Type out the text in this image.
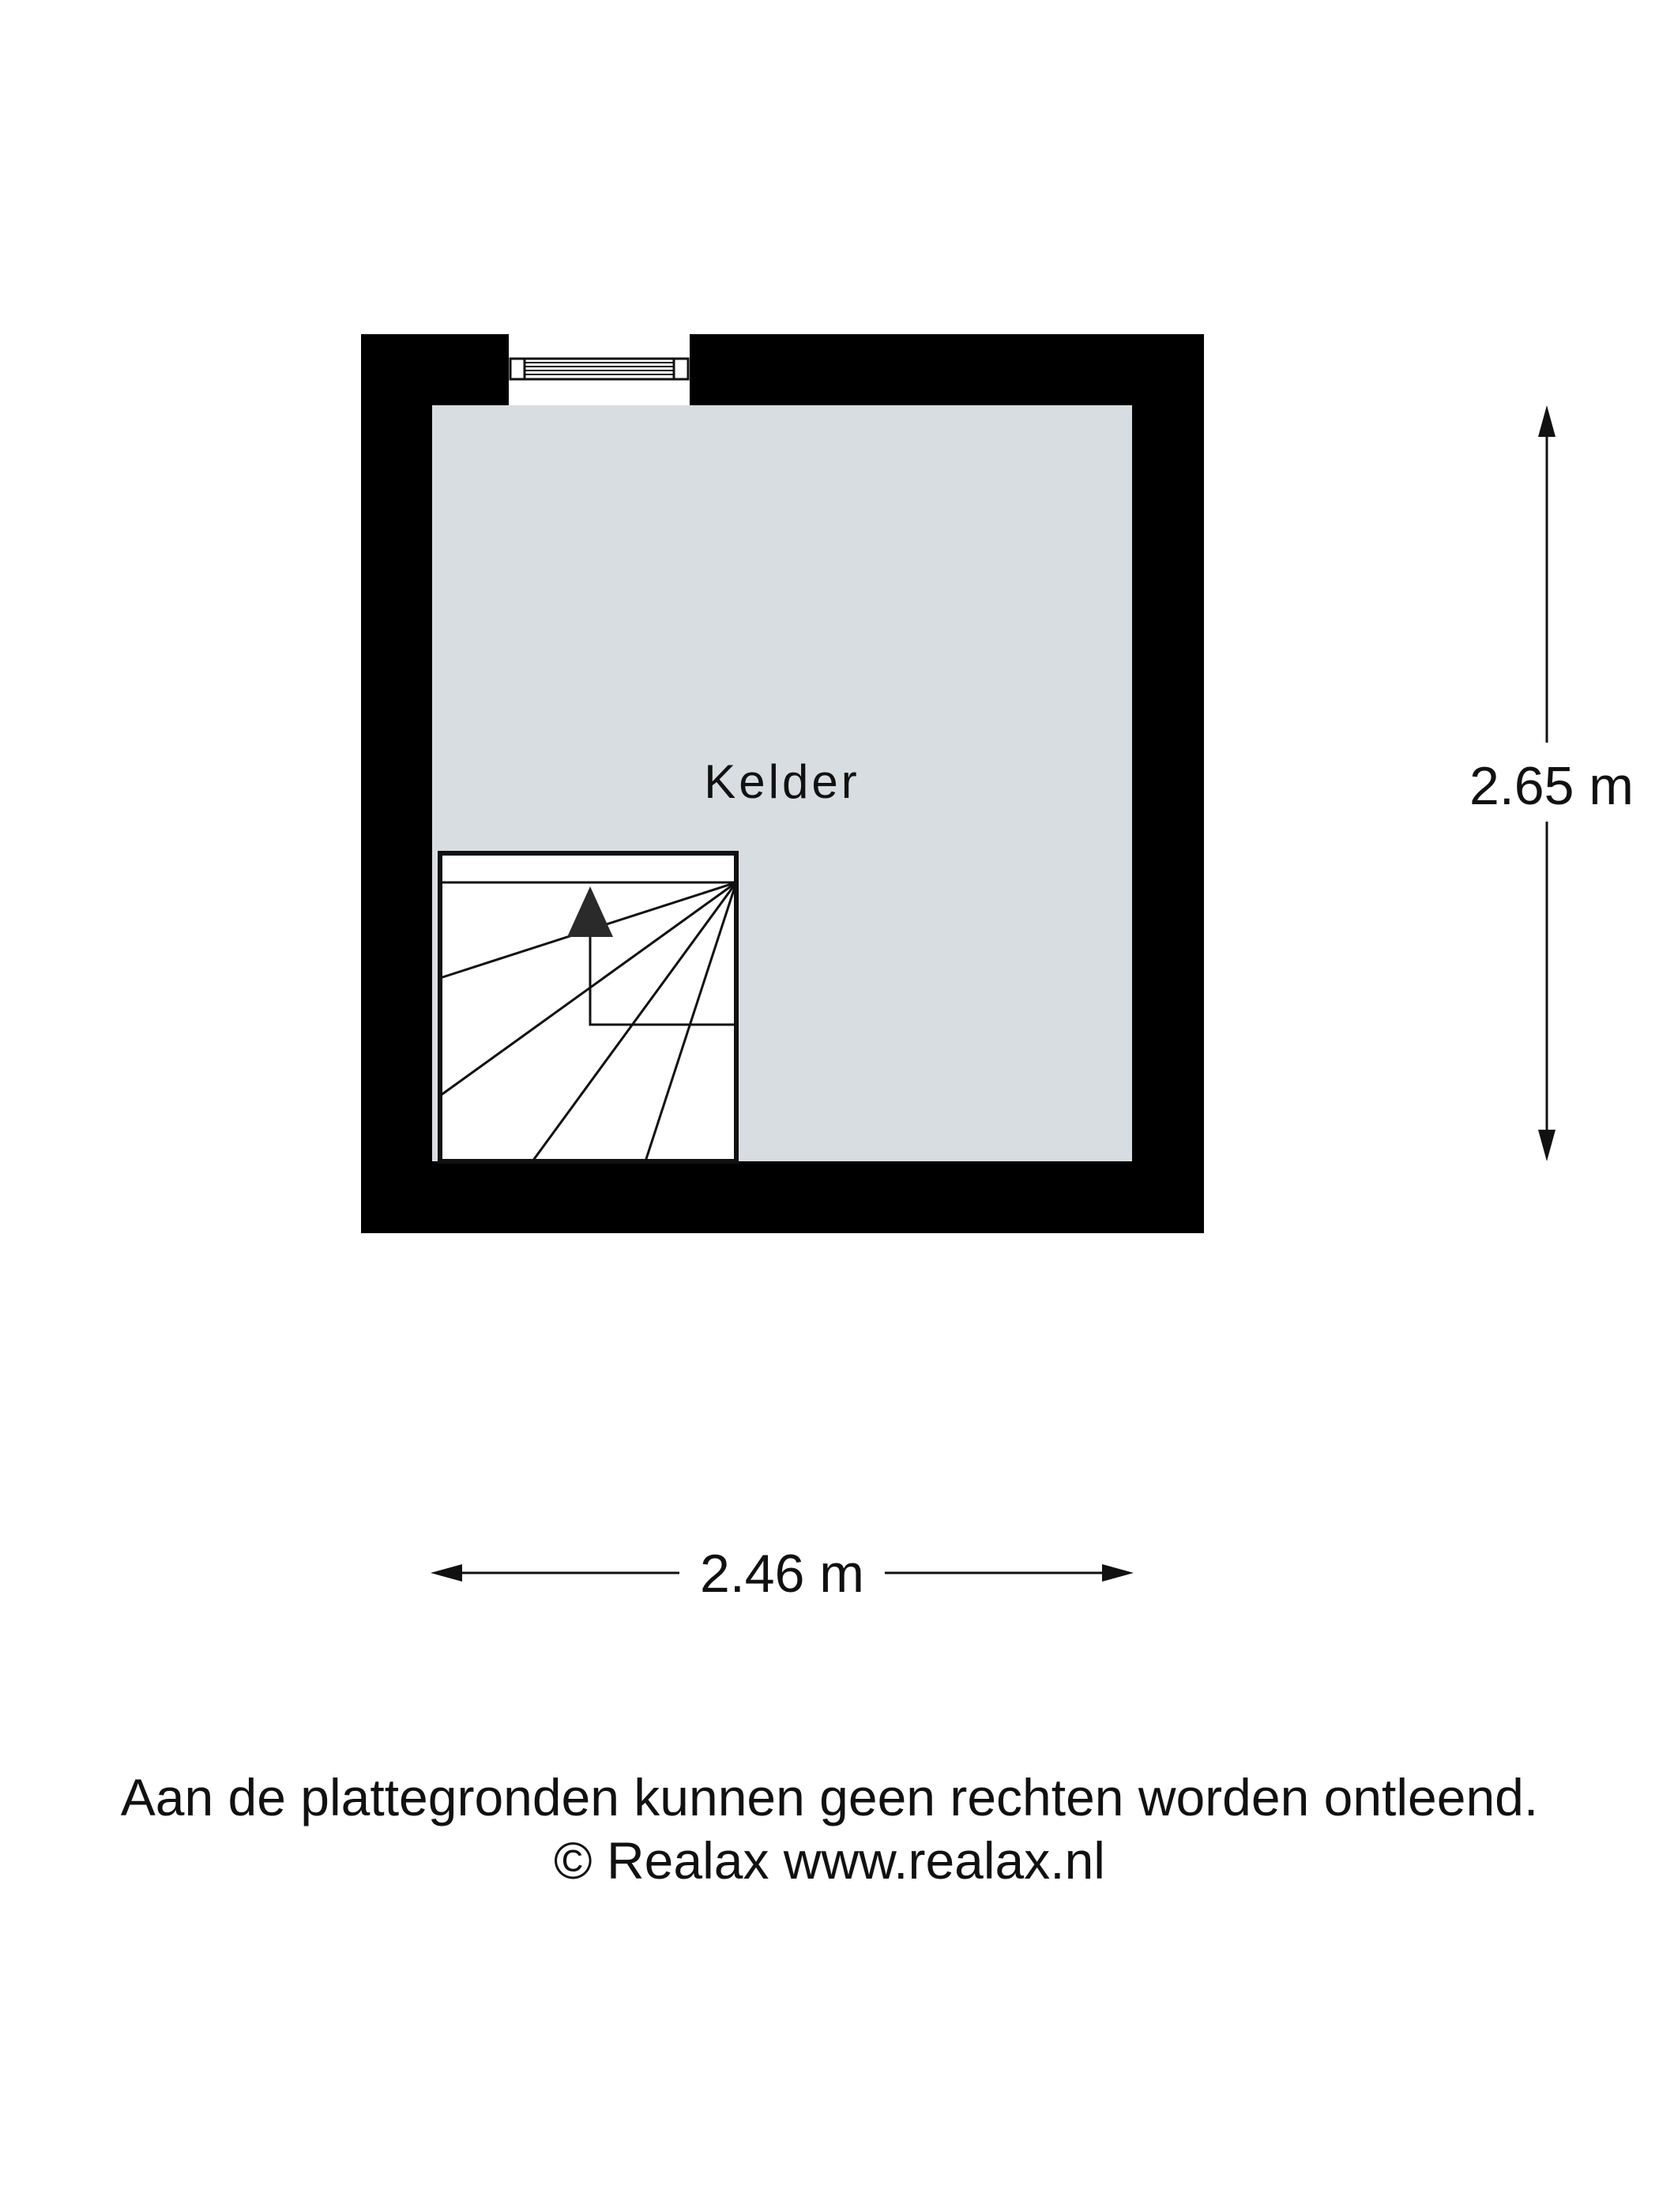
Kelder
2.46 m
2.65 m

Aan de plattegronden kunnen geen rechten worden ontleend.

© Realax www.realax.nl
